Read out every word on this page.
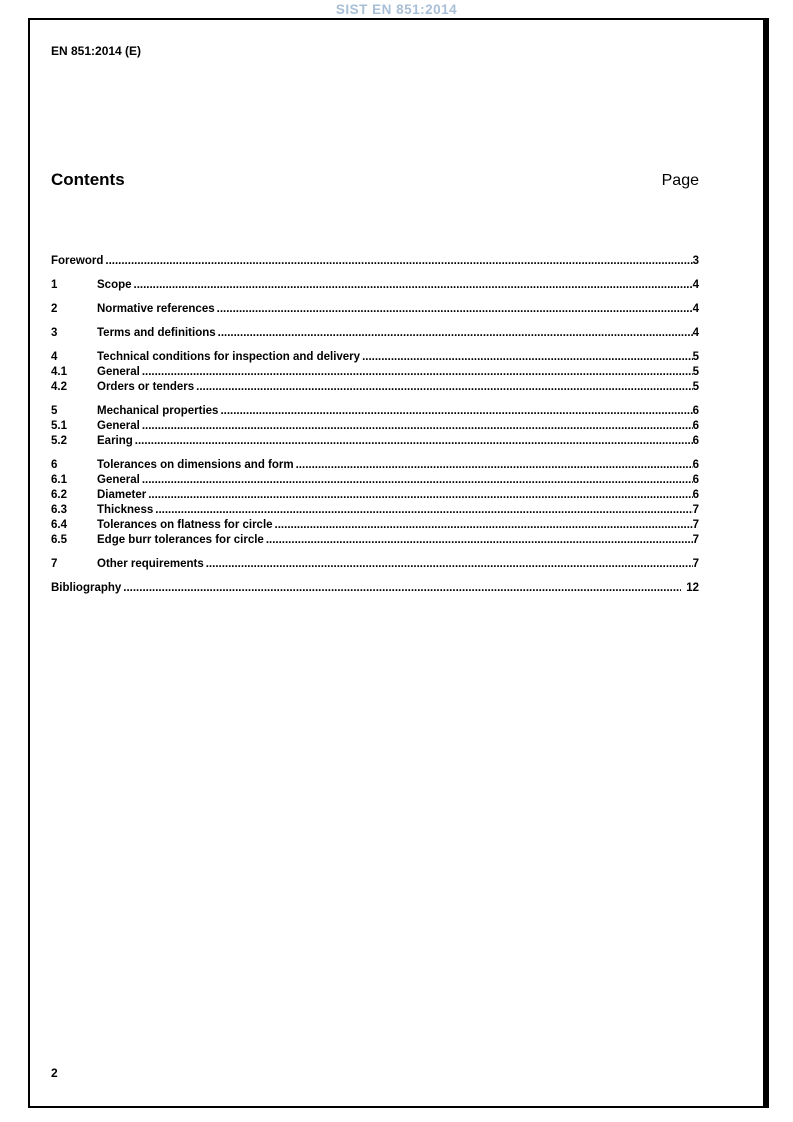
SIST EN 851:2014
EN 851:2014 (E)
Contents	Page
Foreword .....	3
1	Scope .....	4
2	Normative references .....	4
3	Terms and definitions .....	4
4	Technical conditions for inspection and delivery .....	5
4.1	General .....	5
4.2	Orders or tenders .....	5
5	Mechanical properties .....	6
5.1	General .....	6
5.2	Earing .....	6
6	Tolerances on dimensions and form .....	6
6.1	General .....	6
6.2	Diameter .....	6
6.3	Thickness .....	7
6.4	Tolerances on flatness for circle .....	7
6.5	Edge burr tolerances for circle .....	7
7	Other requirements .....	7
Bibliography .....	12
2
